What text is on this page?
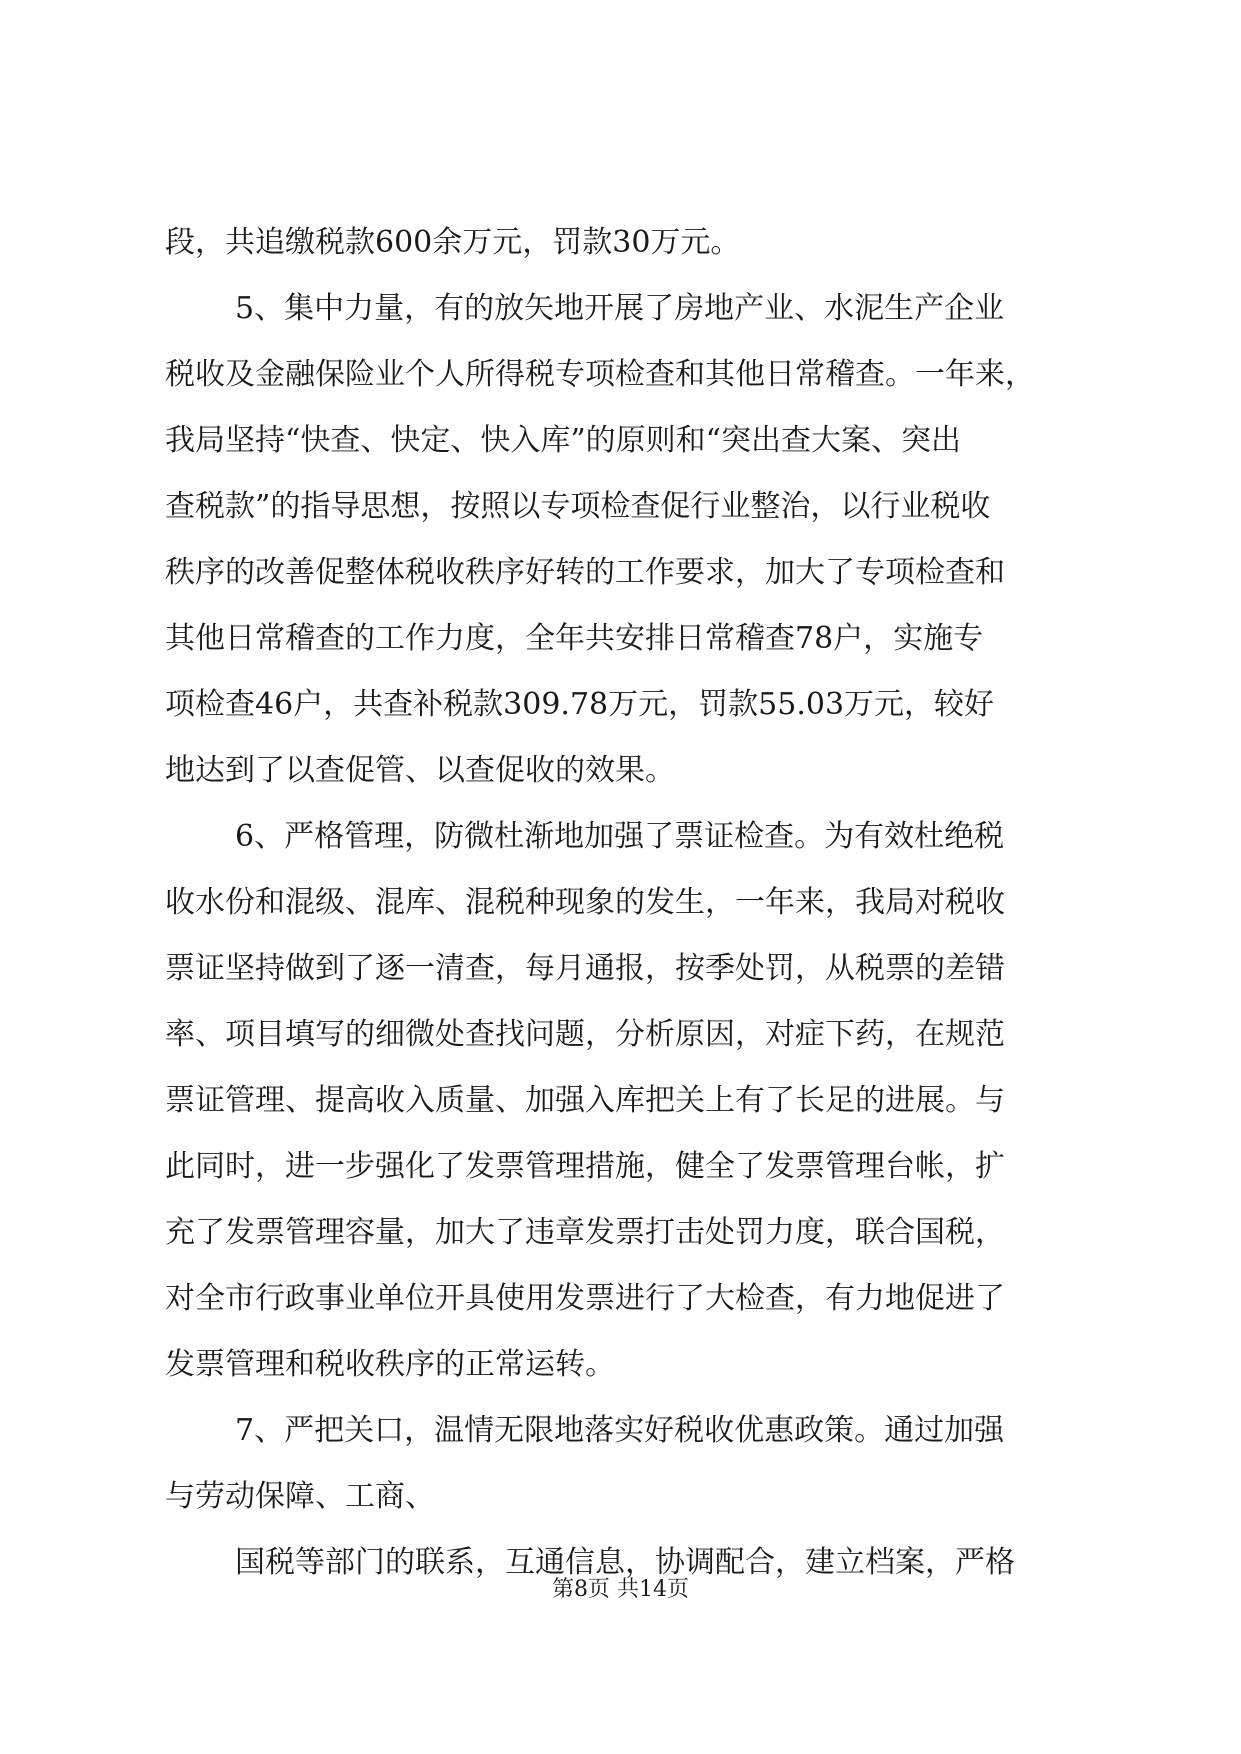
段，共追缴税款600余万元，罚款30万元。
5、集中力量，有的放矢地开展了房地产业、水泥生产企业
税收及金融保险业个人所得税专项检查和其他日常稽查。一年来，
我局坚持“快查、快定、快入库”的原则和“突出查大案、突出
查税款”的指导思想，按照以专项检查促行业整治，以行业税收
秩序的改善促整体税收秩序好转的工作要求，加大了专项检查和
其他日常稽查的工作力度，全年共安排日常稽查78户，实施专
项检查46户，共查补税款309.78万元，罚款55.03万元，较好
地达到了以查促管、以查促收的效果。
6、严格管理，防微杜渐地加强了票证检查。为有效杜绝税
收水份和混级、混库、混税种现象的发生，一年来，我局对税收
票证坚持做到了逐一清查，每月通报，按季处罚，从税票的差错
率、项目填写的细微处查找问题，分析原因，对症下药，在规范
票证管理、提高收入质量、加强入库把关上有了长足的进展。与
此同时，进一步强化了发票管理措施，健全了发票管理台帐，扩
充了发票管理容量，加大了违章发票打击处罚力度，联合国税，
对全市行政事业单位开具使用发票进行了大检查，有力地促进了
发票管理和税收秩序的正常运转。
7、严把关口，温情无限地落实好税收优惠政策。通过加强
与劳动保障、工商、
国税等部门的联系，互通信息，协调配合，建立档案，严格
第8页 共14页
